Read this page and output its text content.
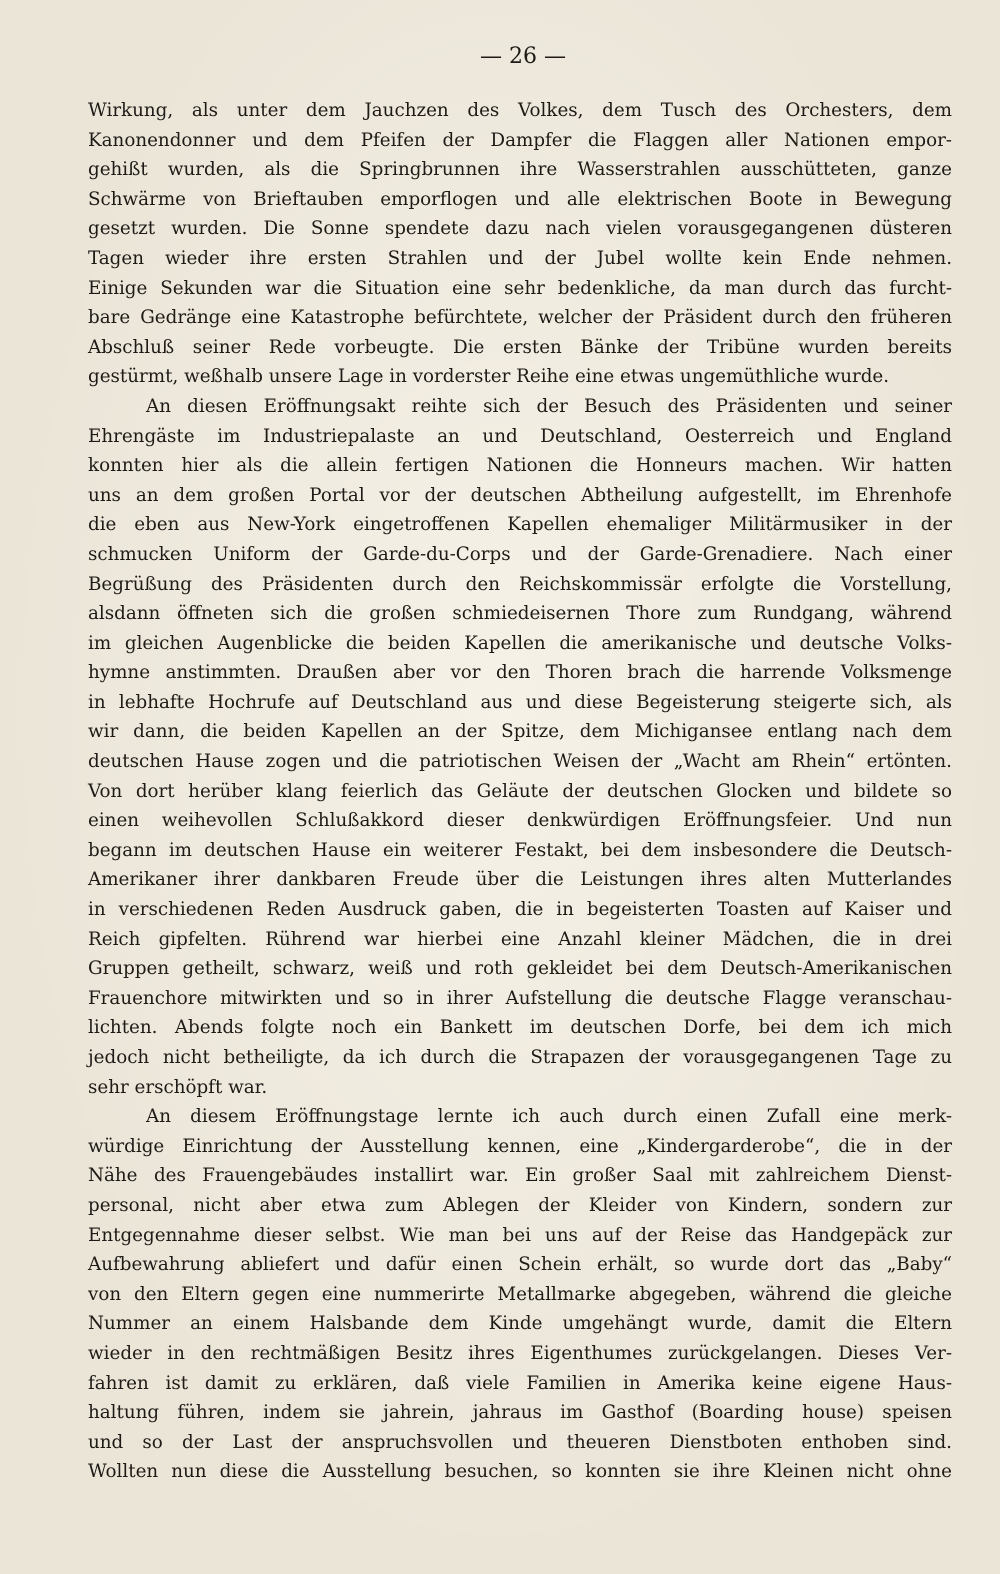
— 26 —

Wirkung, als unter dem Jauchzen des Volkes, dem Tusch des Orchesters, dem

Kanonendonner und dem Pfeifen der Dampfer die Flaggen aller Nationen empor-

gehißt wurden, als die Springbrunnen ihre Wasserstrahlen ausschütteten, ganze

Schwärme von Brieftauben emporflogen und alle elektrischen Boote in Bewegung

gesetzt wurden. Die Sonne spendete dazu nach vielen vorausgegangenen düsteren

Tagen wieder ihre ersten Strahlen und der Jubel wollte kein Ende nehmen.

Einige Sekunden war die Situation eine sehr bedenkliche, da man durch das furcht-

bare Gedränge eine Katastrophe befürchtete, welcher der Präsident durch den früheren

Abschluß seiner Rede vorbeugte. Die ersten Bänke der Tribüne wurden bereits

gestürmt, weßhalb unsere Lage in vorderster Reihe eine etwas ungemüthliche wurde.

An diesen Eröffnungsakt reihte sich der Besuch des Präsidenten und seiner

Ehrengäste im Industriepalaste an und Deutschland, Oesterreich und England

konnten hier als die allein fertigen Nationen die Honneurs machen. Wir hatten

uns an dem großen Portal vor der deutschen Abtheilung aufgestellt, im Ehrenhofe

die eben aus New-York eingetroffenen Kapellen ehemaliger Militärmusiker in der

schmucken Uniform der Garde-du-Corps und der Garde-Grenadiere. Nach einer

Begrüßung des Präsidenten durch den Reichskommissär erfolgte die Vorstellung,

alsdann öffneten sich die großen schmiedeisernen Thore zum Rundgang, während

im gleichen Augenblicke die beiden Kapellen die amerikanische und deutsche Volks-

hymne anstimmten. Draußen aber vor den Thoren brach die harrende Volksmenge

in lebhafte Hochrufe auf Deutschland aus und diese Begeisterung steigerte sich, als

wir dann, die beiden Kapellen an der Spitze, dem Michigansee entlang nach dem

deutschen Hause zogen und die patriotischen Weisen der „Wacht am Rhein“ ertönten.

Von dort herüber klang feierlich das Geläute der deutschen Glocken und bildete so

einen weihevollen Schlußakkord dieser denkwürdigen Eröffnungsfeier. Und nun

begann im deutschen Hause ein weiterer Festakt, bei dem insbesondere die Deutsch-

Amerikaner ihrer dankbaren Freude über die Leistungen ihres alten Mutterlandes

in verschiedenen Reden Ausdruck gaben, die in begeisterten Toasten auf Kaiser und

Reich gipfelten. Rührend war hierbei eine Anzahl kleiner Mädchen, die in drei

Gruppen getheilt, schwarz, weiß und roth gekleidet bei dem Deutsch-Amerikanischen

Frauenchore mitwirkten und so in ihrer Aufstellung die deutsche Flagge veranschau-

lichten. Abends folgte noch ein Bankett im deutschen Dorfe, bei dem ich mich

jedoch nicht betheiligte, da ich durch die Strapazen der vorausgegangenen Tage zu

sehr erschöpft war.

An diesem Eröffnungstage lernte ich auch durch einen Zufall eine merk-

würdige Einrichtung der Ausstellung kennen, eine „Kindergarderobe“, die in der

Nähe des Frauengebäudes installirt war. Ein großer Saal mit zahlreichem Dienst-

personal, nicht aber etwa zum Ablegen der Kleider von Kindern, sondern zur

Entgegennahme dieser selbst. Wie man bei uns auf der Reise das Handgepäck zur

Aufbewahrung abliefert und dafür einen Schein erhält, so wurde dort das „Baby“

von den Eltern gegen eine nummerirte Metallmarke abgegeben, während die gleiche

Nummer an einem Halsbande dem Kinde umgehängt wurde, damit die Eltern

wieder in den rechtmäßigen Besitz ihres Eigenthumes zurückgelangen. Dieses Ver-

fahren ist damit zu erklären, daß viele Familien in Amerika keine eigene Haus-

haltung führen, indem sie jahrein, jahraus im Gasthof (Boarding house) speisen

und so der Last der anspruchsvollen und theueren Dienstboten enthoben sind.

Wollten nun diese die Ausstellung besuchen, so konnten sie ihre Kleinen nicht ohne
